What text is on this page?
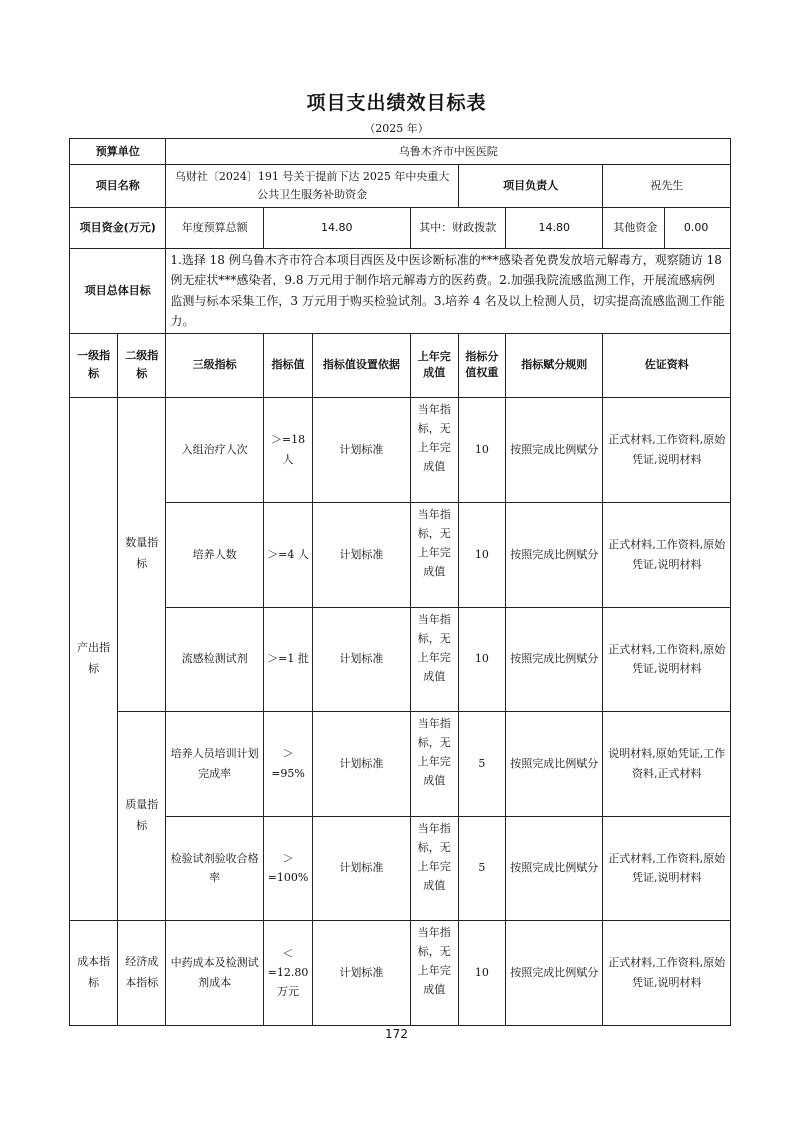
项目支出绩效目标表
（2025 年）
预算单位		乌鲁木齐市中医医院						
项目名称		乌财社〔2024〕191 号关于提前下达 2025 年中央重大公共卫生服务补助资金				项目负责人		祝先生
项目资金(万元)		年度预算总额	14.80		其中：财政拨款		14.80	其他资金 0.00

项目总体目标		1.选择 18 例乌鲁木齐市符合本项目西医及中医诊断标准的***感染者免费发放培元解毒方，观察随访 18 例无症状***感染者，9.8 万元用于制作培元解毒方的医药费。2.加强我院流感监测工作，开展流感病例监测与标本采集工作，3 万元用于购买检验试剂。3.培养 4 名及以上检测人员，切实提高流感监测工作能力。						
一级指标	二级指标	三级指标	指标值	指标值设置依据	上年完成值	指标分值权重	指标赋分规则	佐证资料
产出指标	数量指标	入组治疗人次	＞=18 人	计划标准	当年指标，无上年完成值	10	按照完成比例赋分	正式材料,工作资料,原始凭证,说明材料
		培养人数	＞=4 人	计划标准	当年指标，无上年完成值	10	按照完成比例赋分	正式材料,工作资料,原始凭证,说明材料
		流感检测试剂	＞=1 批	计划标准	当年指标，无上年完成值	10	按照完成比例赋分	正式材料,工作资料,原始凭证,说明材料
	质量指标	培养人员培训计划完成率	＞=95%	计划标准	当年指标，无上年完成值	5	按照完成比例赋分	说明材料,原始凭证,工作资料,正式材料
		检验试剂验收合格率	＞=100%	计划标准	当年指标，无上年完成值	5	按照完成比例赋分	正式材料,工作资料,原始凭证,说明材料
成本指标	经济成本指标	中药成本及检测试剂成本	＜=12.80 万元	计划标准	当年指标，无上年完成值	10	按照完成比例赋分	正式材料,工作资料,原始凭证,说明材料
172
